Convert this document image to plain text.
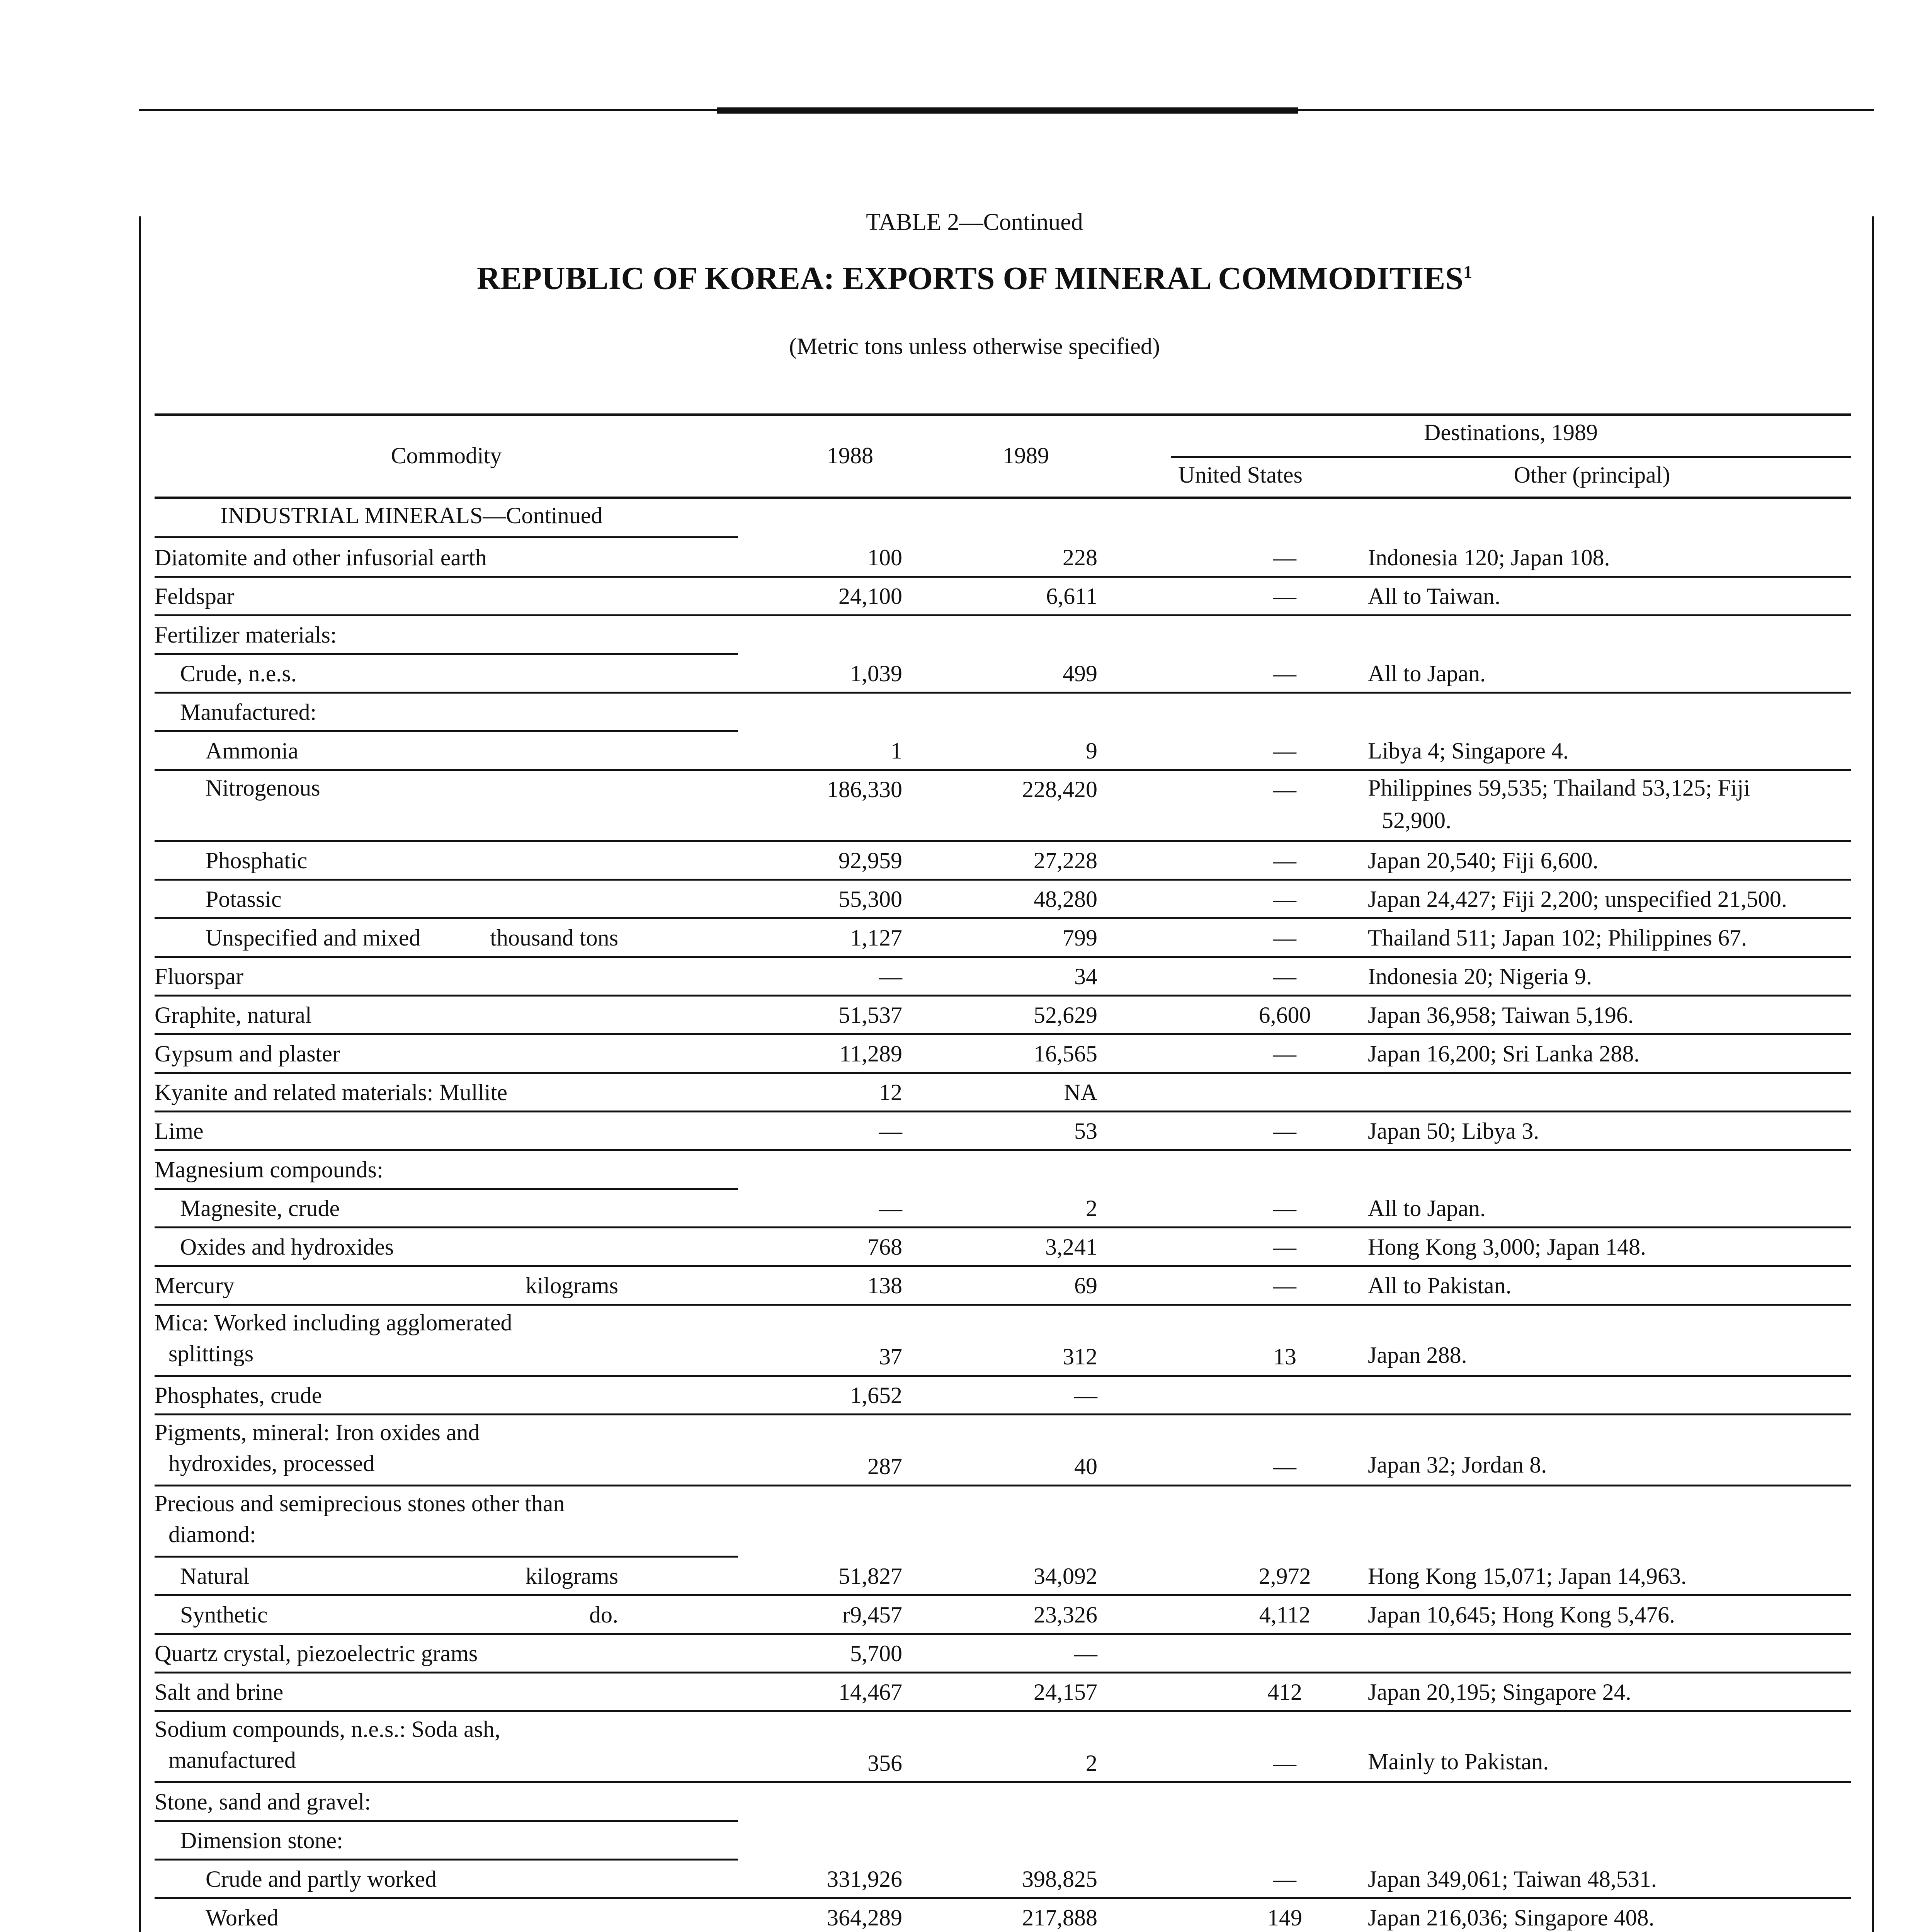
TABLE 2—Continued
REPUBLIC OF KOREA: EXPORTS OF MINERAL COMMODITIES$^1$
(Metric tons unless otherwise specified)
Commodity	1988	1989
Destinations, 1989
United States	Other (principal)
INDUSTRIAL MINERALS—Continued
Diatomite and other infusorial earth	100	228	—	Indonesia 120; Japan 108.
Feldspar	24,100	6,611	—	All to Taiwan.
Fertilizer materials:
Crude, n.e.s.	1,039	499	—	All to Japan.
Manufactured:
Ammonia	1	9	—	Libya 4; Singapore 4.
Nitrogenous	186,330	228,420	—	Philippines 59,535; Thailand 53,125; Fiji
52,900.
Phosphatic	92,959	27,228	—	Japan 20,540; Fiji 6,600.
Potassic	55,300	48,280	—	Japan 24,427; Fiji 2,200; unspecified 21,500.
Unspecified and mixed	thousand tons	1,127	799	—	Thailand 511; Japan 102; Philippines 67.
Fluorspar	—	34	—	Indonesia 20; Nigeria 9.
Graphite, natural	51,537	52,629	6,600	Japan 36,958; Taiwan 5,196.
Gypsum and plaster	11,289	16,565	—	Japan 16,200; Sri Lanka 288.
Kyanite and related materials: Mullite	12	NA
Lime	—	53	—	Japan 50; Libya 3.
Magnesium compounds:
Magnesite, crude	—	2	—	All to Japan.
Oxides and hydroxides	768	3,241	—	Hong Kong 3,000; Japan 148.
Mercury	kilograms	138	69	—	All to Pakistan.
Mica: Worked including agglomerated
splittings	37	312	13	Japan 288.
Phosphates, crude	1,652	—
Pigments, mineral: Iron oxides and
hydroxides, processed	287	40	—	Japan 32; Jordan 8.
Precious and semiprecious stones other than
diamond:
Natural	kilograms	51,827	34,092	2,972	Hong Kong 15,071; Japan 14,963.
Synthetic	do.	r9,457	23,326	4,112	Japan 10,645; Hong Kong 5,476.
Quartz crystal, piezoelectric grams	5,700	—
Salt and brine	14,467	24,157	412	Japan 20,195; Singapore 24.
Sodium compounds, n.e.s.: Soda ash,
manufactured	356	2	—	Mainly to Pakistan.
Stone, sand and gravel:
Dimension stone:
Crude and partly worked	331,926	398,825	—	Japan 349,061; Taiwan 48,531.
Worked	364,289	217,888	149	Japan 216,036; Singapore 408.
